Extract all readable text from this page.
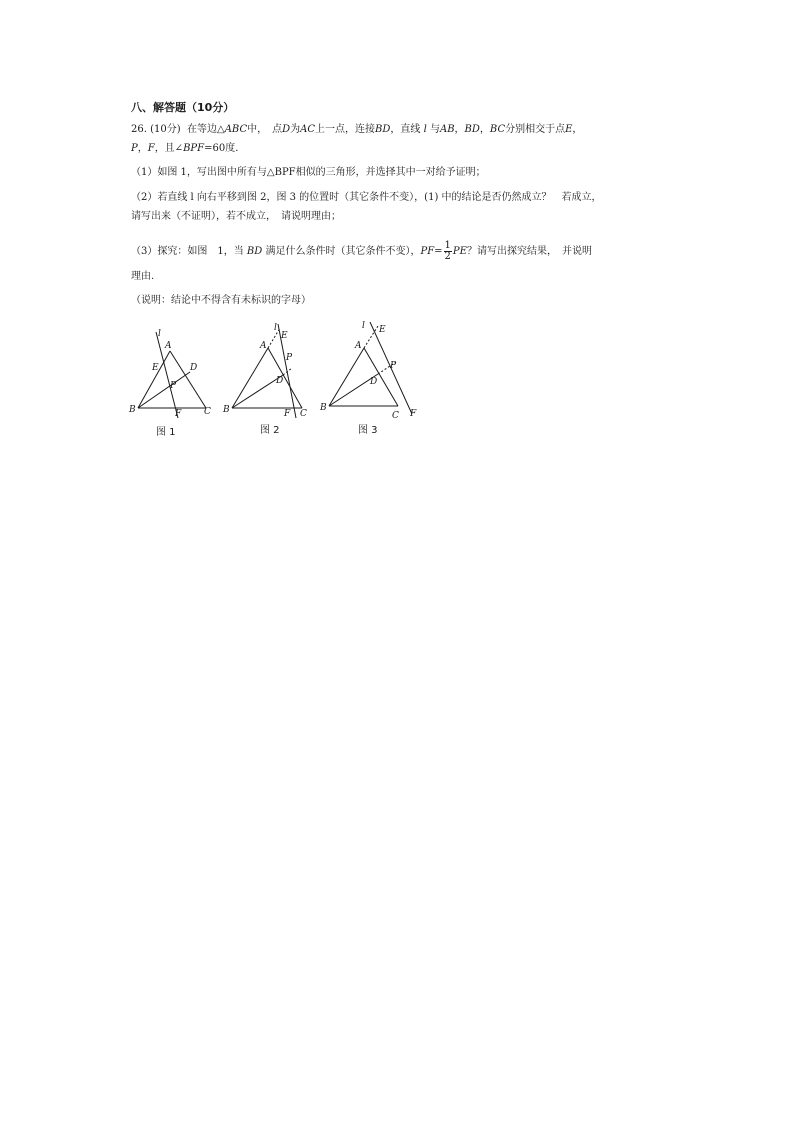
八、解答题（10分）
26. (10分) 在等边△ABC中，　点D为AC上一点，连接BD，直线 l 与AB，BD，BC分别相交于点E，
P，F，且∠BPF=60度．
（1）如图 1，写出图中所有与△BPF相似的三角形，并选择其中一对给予证明；
（2）若直线 l 向右平移到图 2，图 3 的位置时（其它条件不变），(1) 中的结论是否仍然成立？　若成立，
请写出来（不证明），若不成立，　请说明理由；
（3）探究：如图　1，当 BD 满足什么条件时（其它条件不变），$PF= \frac{1}{2}$ PE？请写出探究结果，　并说明
理由.
（说明：结论中不得含有未标识的字母）
l
A
E	D
P
B	F	C
图 1
l
E
A
P
D
B	F C
图 2
l E
A
P
D
B
C F
图 3
